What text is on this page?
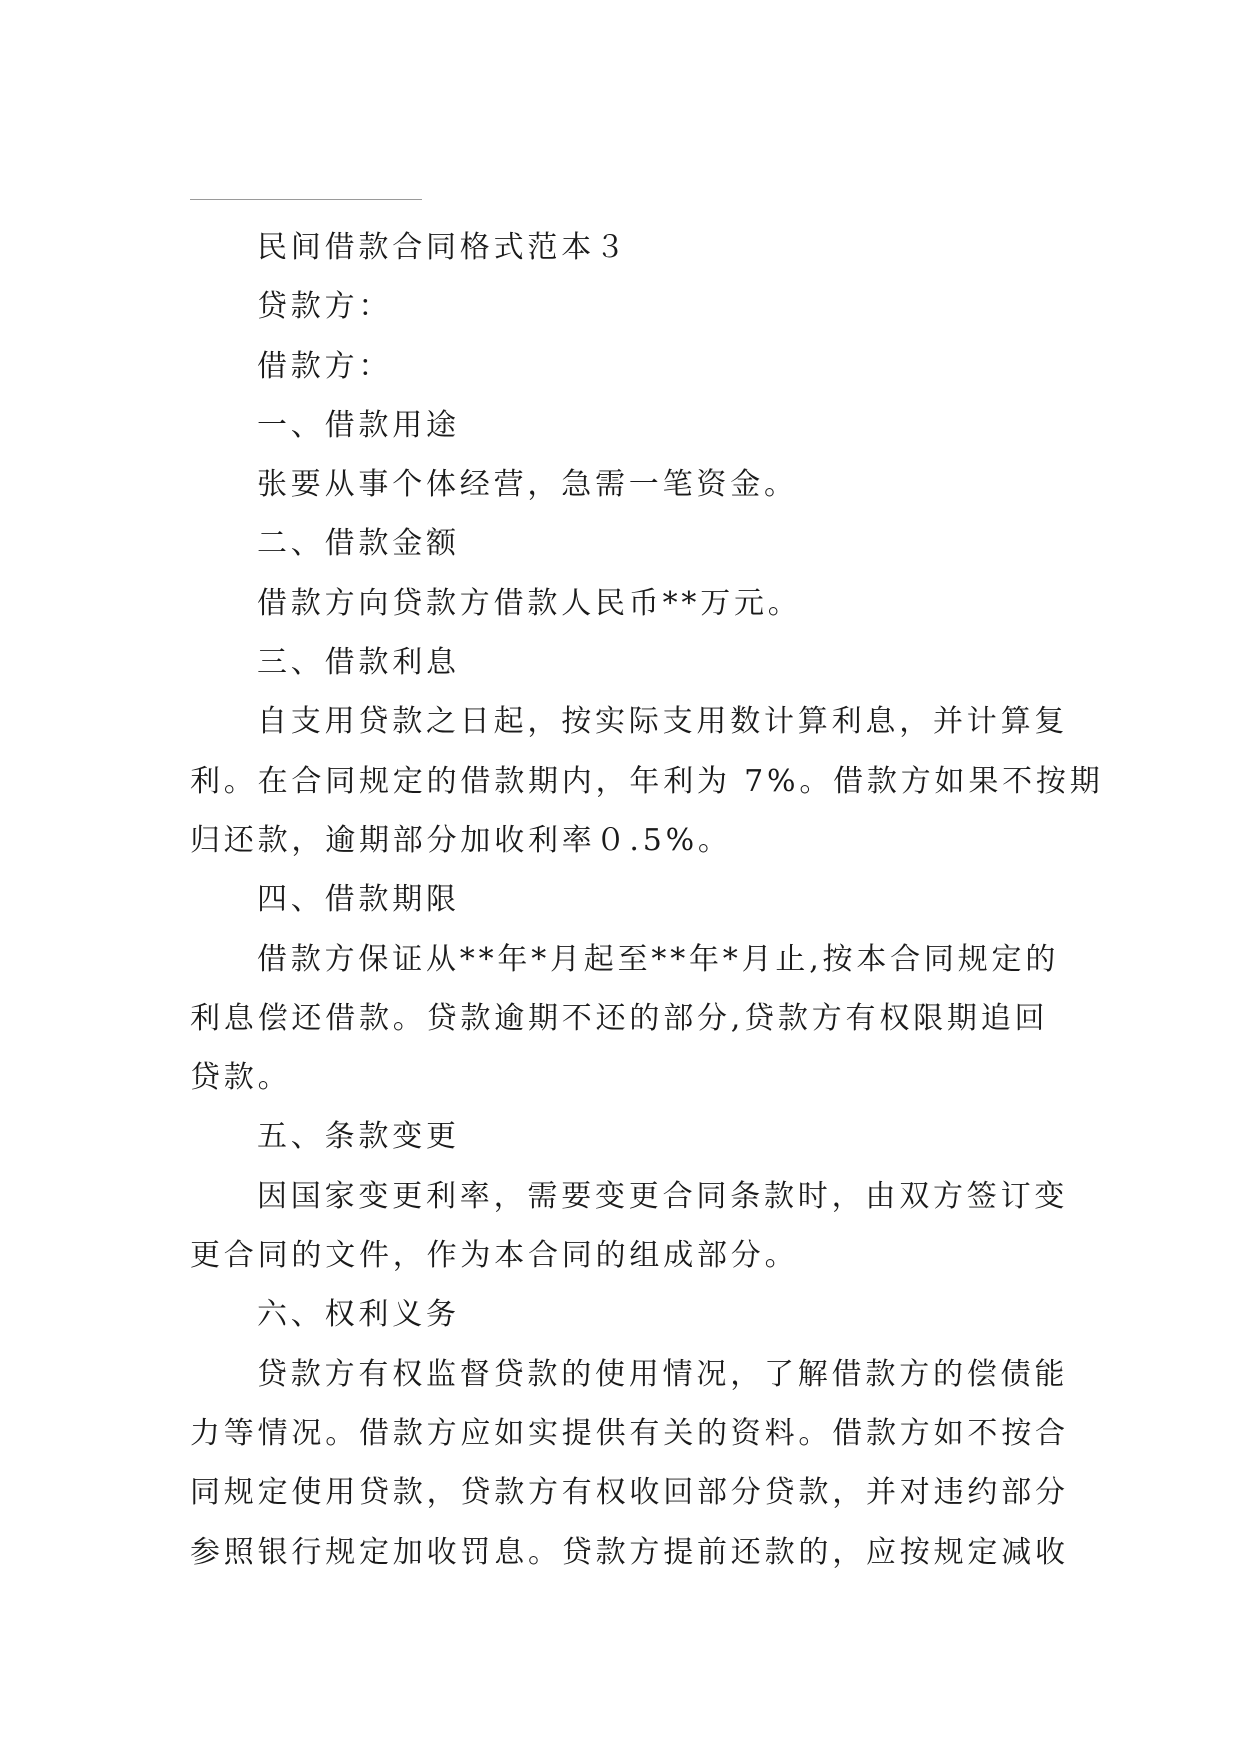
民间借款合同格式范本３

贷款方：

借款方：

一、借款用途

张要从事个体经营，急需一笔资金。

二、借款金额

借款方向贷款方借款人民币**万元。

三、借款利息

自支用贷款之日起，按实际支用数计算利息，并计算复

利。在合同规定的借款期内，年利为 7%。借款方如果不按期

归还款，逾期部分加收利率０.5%。

四、借款期限

借款方保证从**年*月起至**年*月止,按本合同规定的

利息偿还借款。贷款逾期不还的部分,贷款方有权限期追回

贷款。

五、条款变更

因国家变更利率，需要变更合同条款时，由双方签订变

更合同的文件，作为本合同的组成部分。

六、权利义务

贷款方有权监督贷款的使用情况，了解借款方的偿债能

力等情况。借款方应如实提供有关的资料。借款方如不按合

同规定使用贷款，贷款方有权收回部分贷款，并对违约部分

参照银行规定加收罚息。贷款方提前还款的，应按规定减收
